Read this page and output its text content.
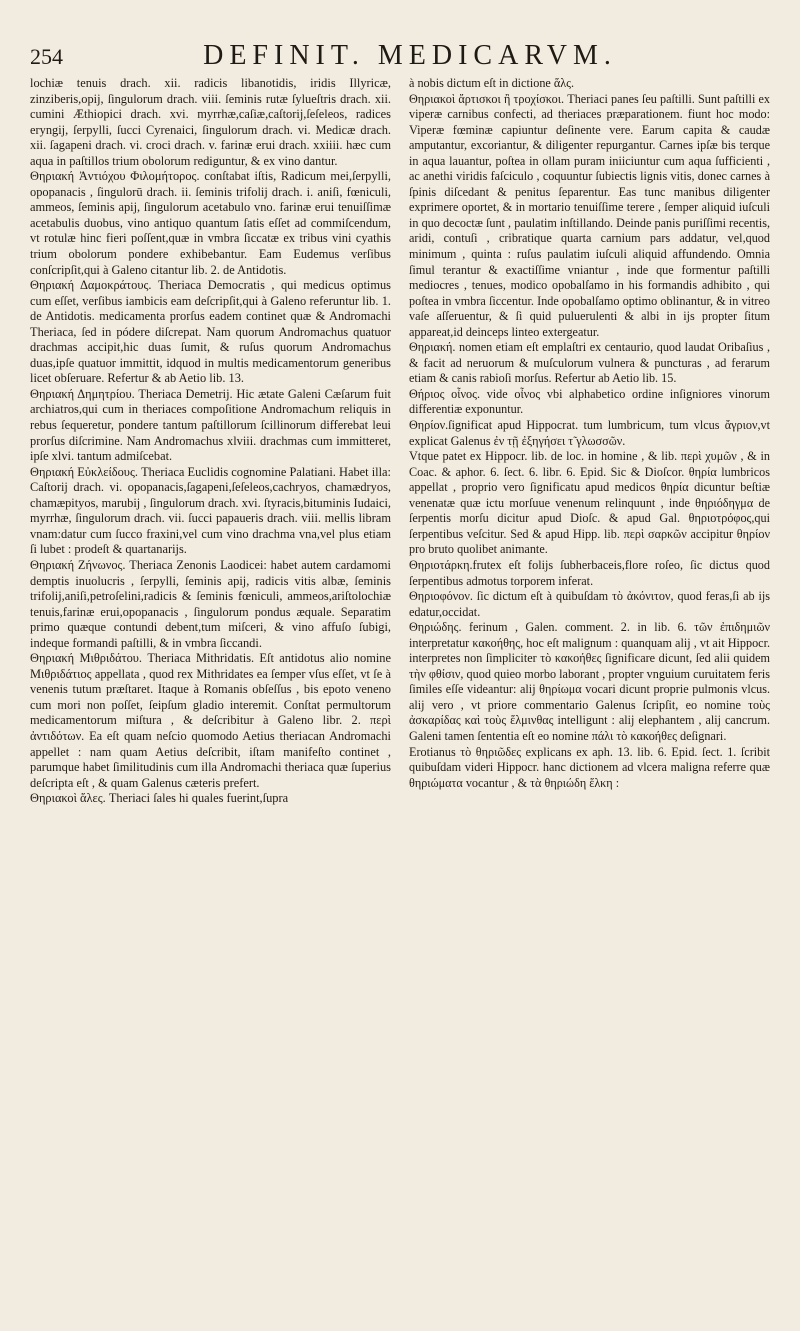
254	DEFINIT. MEDICARVM.

lochiæ tenuis drach. xii. radicis libanotidis, iridis Illyricæ, zinziberis,opij, ſingulorum drach. viii. ſeminis rutæ ſylueſtris drach. xii. cumini Æthiopici drach. xvi. myrrhæ,caſiæ,caſtorij,ſeſeleos, radices eryngij, ſerpylli, ſucci Cyrenaici, ſingulorum drach. vi. Medicæ drach. xii. ſagapeni drach. vi. croci drach. v. farinæ erui drach. xxiiii. hæc cum aqua in paſtillos trium obolorum rediguntur, & ex vino dantur.

Θηριακή Ἀντιόχου Φιλομήτορος. conſtabat iſtis, Radicum mei,ſerpylli, opopanacis , ſingulorū drach. ii. ſeminis trifolij drach. i. aniſi, fœniculi, ammeos, ſeminis apij, ſingulorum acetabulo vno. farinæ erui tenuiſſimæ acetabulis duobus, vino antiquo quantum ſatis eſſet ad commiſcendum, vt rotulæ hinc fieri poſſent,quæ in vmbra ſiccatæ ex tribus vini cyathis trium obolorum pondere exhibebantur. Eam Eudemus verſibus conſcripſit,qui à Galeno citantur lib. 2. de Antidotis.

Θηριακή Δαμοκράτους. Theriaca Democratis , qui medicus optimus cum eſſet, verſibus iambicis eam deſcripſit,qui à Galeno referuntur lib. 1. de Antidotis. medicamenta prorſus eadem continet quæ & Andromachi Theriaca, ſed in pódere diſcrepat. Nam quorum Andromachus quatuor drachmas accipit,hic duas ſumit, & ruſus quorum Andromachus duas,ipſe quatuor immittit, idquod in multis medicamentorum generibus licet obſeruare. Refertur & ab Aetio lib. 13.

Θηριακή Δημητρίου. Theriaca Demetrij. Hic ætate Galeni Cæſarum fuit archiatros,qui cum in theriaces compoſitione Andromachum reliquis in rebus ſequeretur, pondere tantum paſtillorum ſcillinorum differebat leui prorſus diſcrimine. Nam Andromachus xlviii. drachmas cum immitteret, ipſe xlvi. tantum admiſcebat.

Θηριακή Εὐκλείδους. Theriaca Euclidis cognomine Palatiani. Habet illa: Caſtorij drach. vi. opopanacis,ſagapeni,ſeſeleos,cachryos, chamædryos, chamæpityos, marubij , ſingulorum drach. xvi. ſtyracis,bituminis Iudaici, myrrhæ, ſingulorum drach. vii. ſucci papaueris drach. viii. mellis libram vnam:datur cum ſucco fraxini,vel cum vino drachma vna,vel plus etiam ſi lubet : prodeſt & quartanarijs.

Θηριακή Ζήνωνος. Theriaca Zenonis Laodicei: habet autem cardamomi demptis inuolucris , ſerpylli, ſeminis apij, radicis vitis albæ, ſeminis trifolij,aniſi,petroſelini,radicis & ſeminis fœniculi, ammeos,ariſtolochiæ tenuis,farinæ erui,opopanacis , ſingulorum pondus æquale. Separatim primo quæque contundi debent,tum miſceri, & vino affuſo ſubigi, indeque formandi paſtilli, & in vmbra ſiccandi.

Θηριακή Μιθριδάτου. Theriaca Mithridatis. Eſt antidotus alio nomine Μιθριδάτιος appellata , quod rex Mithridates ea ſemper vſus eſſet, vt ſe à venenis tutum præſtaret. Itaque à Romanis obſeſſus , bis epoto veneno cum mori non poſſet, ſeipſum gladio interemit. Conſtat permultorum medicamentorum miſtura , & deſcribitur à Galeno libr. 2. περὶ ἀντιδότων. Ea eſt quam neſcio quomodo Aetius theriacan Andromachi appellet : nam quam Aetius deſcribit, iſtam manifeſto continet , parumque habet ſimilitudinis cum illa Andromachi theriaca quæ ſuperius deſcripta eſt , & quam Galenus cæteris prefert.

Θηριακοὶ ἅλες. Theriaci ſales hi quales fuerint,ſupra

à nobis dictum eſt in dictione ἅλς.

Θηριακοὶ ἄρτισκοι ἢ τροχίσκοι. Theriaci panes ſeu paſtilli. Sunt paſtilli ex viperæ carnibus confecti, ad theriaces præparationem. fiunt hoc modo: Viperæ fœminæ capiuntur deſinente vere. Earum capita & caudæ amputantur, excoriantur, & diligenter repurgantur. Carnes ipſæ bis terque in aqua lauantur, poſtea in ollam puram iniiciuntur cum aqua ſufficienti , ac anethi viridis faſciculo , coquuntur ſubiectis lignis vitis, donec carnes à ſpinis diſcedant & penitus ſeparentur. Eas tunc manibus diligenter exprimere oportet, & in mortario tenuiſſime terere , ſemper aliquid iuſculi in quo decoctæ ſunt , paulatim inſtillando. Deinde panis puriſſimi recentis, aridi, contuſi , cribratique quarta carnium pars addatur, vel,quod minimum , quinta : ruſus paulatim iuſculi aliquid affundendo. Omnia ſimul terantur & exactiſſime vniantur , inde que formentur paſtilli mediocres , tenues, modico opobalſamo in his formandis adhibito , qui poſtea in vmbra ſiccentur. Inde opobalſamo optimo oblinantur, & in vitreo vaſe aſſeruentur, & ſi quid puluerulenti & albi in ijs propter ſitum appareat,id deinceps linteo extergeatur.

Θηριακή. nomen etiam eſt emplaſtri ex centaurio, quod laudat Oribaſius , & facit ad neruorum & muſculorum vulnera & puncturas , ad ferarum etiam & canis rabioſi morſus. Refertur ab Aetio lib. 15.

Θήριος οἶνος. vide οἶνος vbi alphabetico ordine inſigniores vinorum differentiæ exponuntur.

Θηρίον.ſignificat apud Hippocrat. tum lumbricum, tum vlcus ἄγριον,vt explicat Galenus ἐν τῇ ἐξηγήσει τ̃ γλωσσῶν.

Vtque patet ex Hippocr. lib. de loc. in homine , & lib. περὶ χυμῶν , & in Coac. & aphor. 6. ſect. 6. libr. 6. Epid. Sic & Dioſcor. θηρία lumbricos appellat , proprio vero ſignificatu apud medicos θηρία dicuntur beſtiæ venenatæ quæ ictu morſuue venenum relinquunt , inde θηριόδηγμα de ſerpentis morſu dicitur apud Dioſc. & apud Gal. θηριοτρόφος,qui ſerpentibus veſcitur. Sed & apud Hipp. lib. περὶ σαρκῶν accipitur θηρίον pro bruto quolibet animante.

Θηριοτάρκη.frutex eſt folijs ſubherbaceis,flore roſeo, ſic dictus quod ſerpentibus admotus torporem inferat.

Θηριοφόνον. ſic dictum eſt à quibuſdam τὸ ἀκόνιτον, quod feras,ſi ab ijs edatur,occidat.

Θηριώδης. ferinum , Galen. comment. 2. in lib. 6. τῶν ἐπιδημιῶν interpretatur κακοήθης, hoc eſt malignum : quanquam alij , vt ait Hippocr. interpretes non ſimpliciter τὸ κακοήθες ſignificare dicunt, ſed alii quidem τὴν φθίσιν, quod quieo morbo laborant , propter vnguium curuitatem feris ſimiles eſſe videantur: alij θηρίωμα vocari dicunt proprie pulmonis vlcus. alij vero , vt priore commentario Galenus ſcripſit, eo nomine τοὺς ἀσκαρίδας καὶ τοὺς ἕλμινθας intelligunt : alij elephantem , alij cancrum. Galeni tamen ſententia eſt eo nomine πάλι τὸ κακοήθες deſignari.

Erotianus τὸ θηριῶδες explicans ex aph. 13. lib. 6. Epid. ſect. 1. ſcribit quibuſdam videri Hippocr. hanc dictionem ad vlcera maligna referre quæ θηριώματα vocantur , & τὰ θηριώδη ἕλκη :
